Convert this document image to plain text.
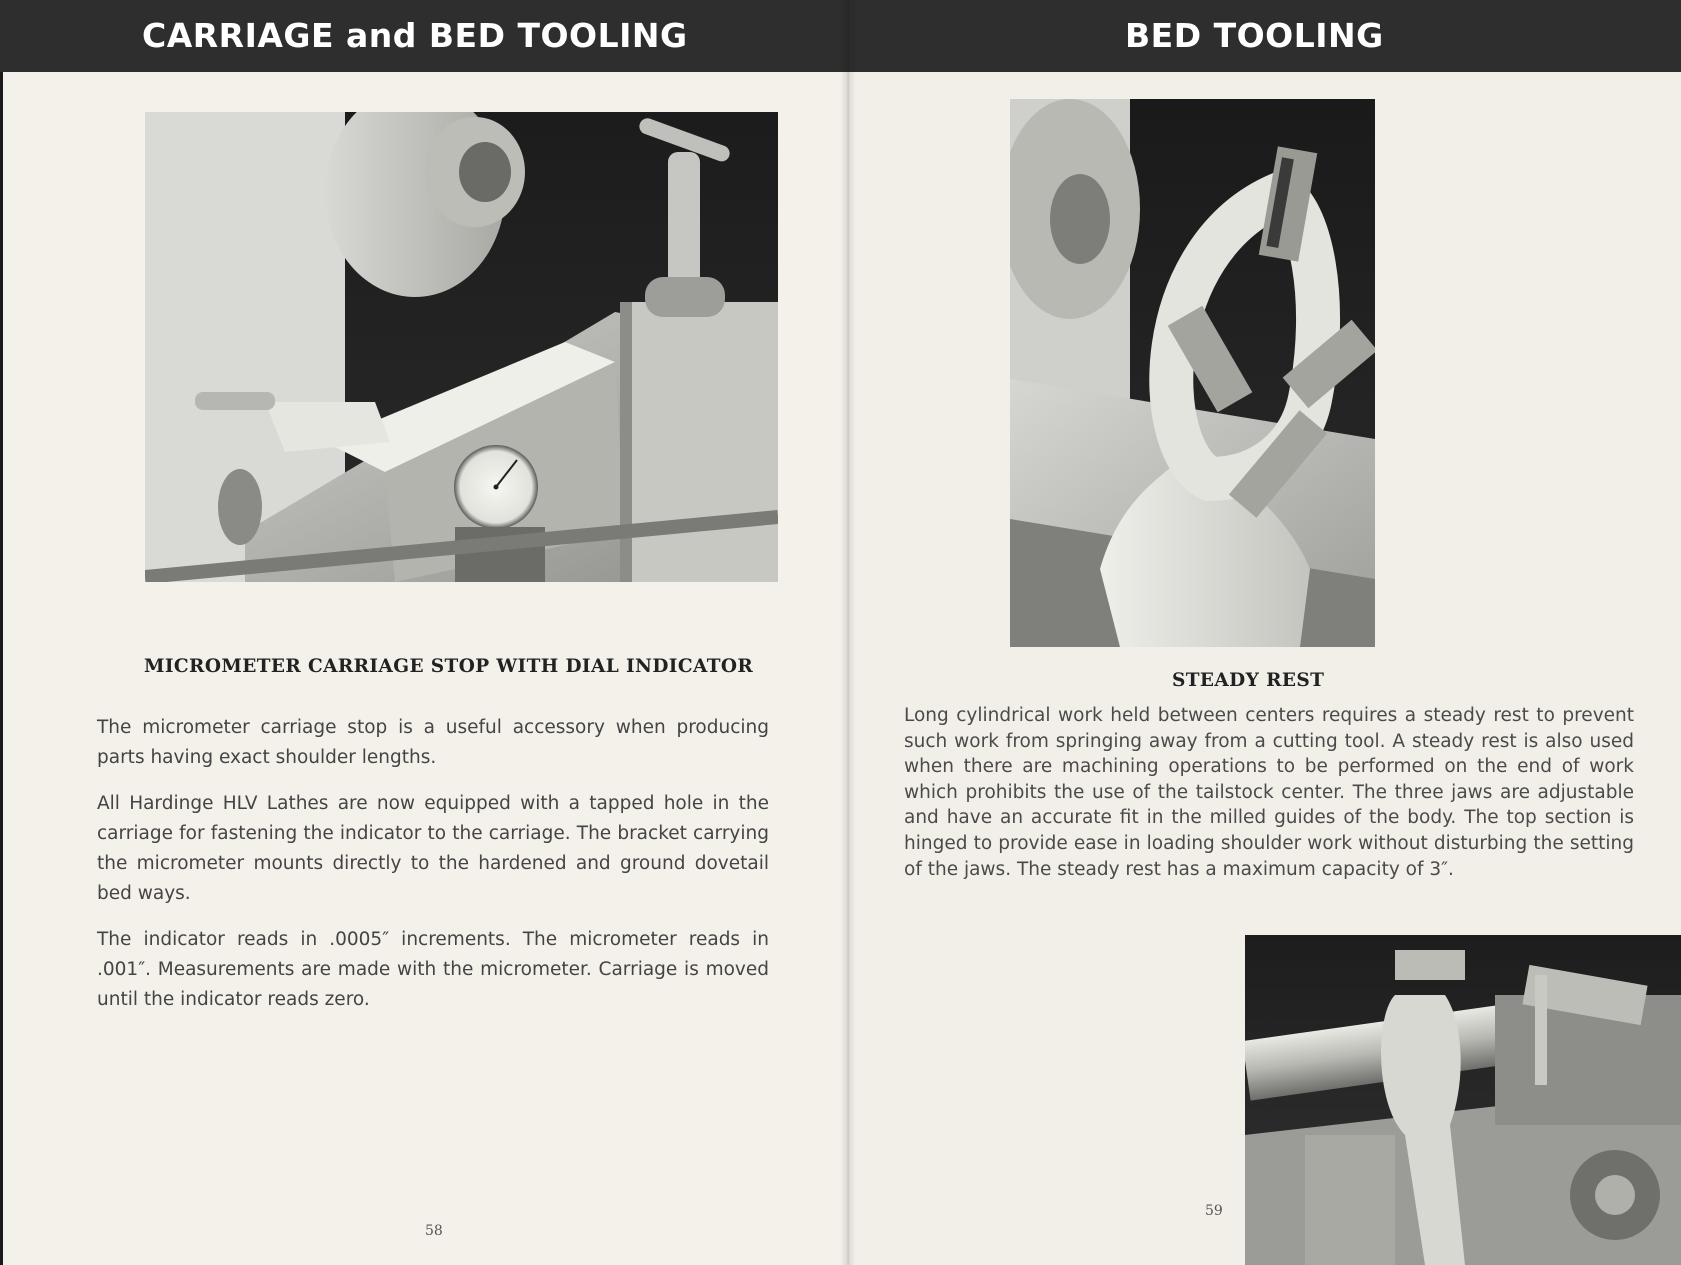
CARRIAGE and BED TOOLING
MICROMETER CARRIAGE STOP WITH DIAL INDICATOR

The micrometer carriage stop is a useful accessory when producing parts having exact shoulder lengths.

All Hardinge HLV Lathes are now equipped with a tapped hole in the carriage for fastening the indicator to the carriage. The bracket carrying the micrometer mounts directly to the hardened and ground dovetail bed ways.

The indicator reads in .0005″ increments. The micrometer reads in .001″. Measurements are made with the micrometer. Carriage is moved until the indicator reads zero.

58
BED TOOLING
STEADY REST

Long cylindrical work held between centers requires a steady rest to prevent such work from springing away from a cutting tool. A steady rest is also used when there are machining operations to be performed on the end of work which prohibits the use of the tailstock center. The three jaws are adjustable and have an accurate fit in the milled guides of the body. The top section is hinged to provide ease in loading shoulder work without disturbing the setting of the jaws. The steady rest has a maximum capacity of 3″.

59
